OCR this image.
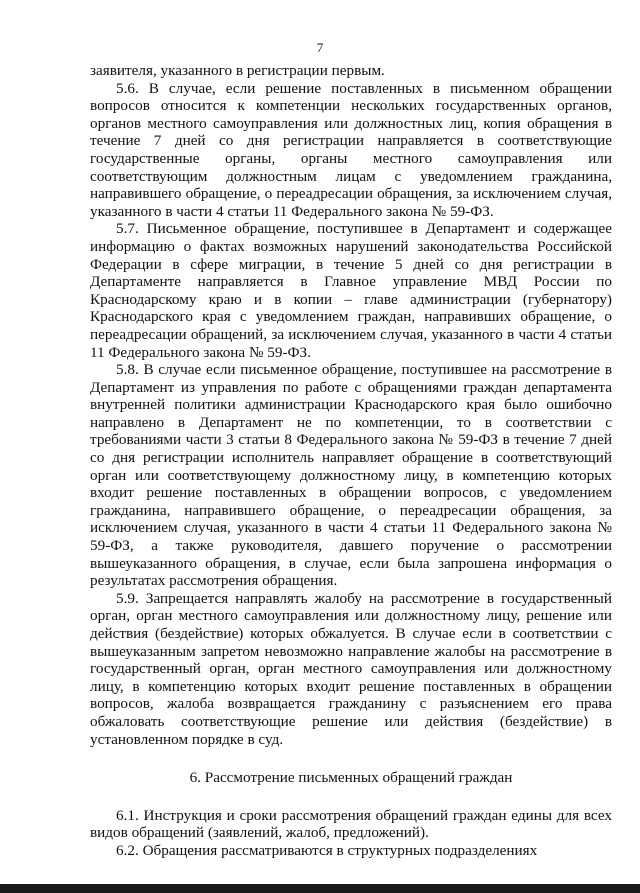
7

заявителя, указанного в регистрации первым.

5.6. В случае, если решение поставленных в письменном обращении вопросов относится к компетенции нескольких государственных органов, органов местного самоуправления или должностных лиц, копия обращения в течение 7 дней со дня регистрации направляется в соответствующие государственные органы, органы местного самоуправления или соответствующим должностным лицам с уведомлением гражданина, направившего обращение, о переадресации обращения, за исключением случая, указанного в части 4 статьи 11 Федерального закона № 59-ФЗ.

5.7. Письменное обращение, поступившее в Департамент и содержащее информацию о фактах возможных нарушений законодательства Российской Федерации в сфере миграции, в течение 5 дней со дня регистрации в Департаменте направляется в Главное управление МВД России по Краснодарскому краю и в копии – главе администрации (губернатору) Краснодарского края с уведомлением граждан, направивших обращение, о переадресации обращений, за исключением случая, указанного в части 4 статьи 11 Федерального закона № 59-ФЗ.

5.8. В случае если письменное обращение, поступившее на рассмотрение в Департамент из управления по работе с обращениями граждан департамента внутренней политики администрации Краснодарского края было ошибочно направлено в Департамент не по компетенции, то в соответствии с требованиями части 3 статьи 8 Федерального закона № 59-ФЗ в течение 7 дней со дня регистрации исполнитель направляет обращение в соответствующий орган или соответствующему должностному лицу, в компетенцию которых входит решение поставленных в обращении вопросов, с уведомлением гражданина, направившего обращение, о переадресации обращения, за исключением случая, указанного в части 4 статьи 11 Федерального закона № 59-ФЗ, а также руководителя, давшего поручение о рассмотрении вышеуказанного обращения, в случае, если была запрошена информация о результатах рассмотрения обращения.

5.9. Запрещается направлять жалобу на рассмотрение в государственный орган, орган местного самоуправления или должностному лицу, решение или действия (бездействие) которых обжалуется. В случае если в соответствии с вышеуказанным запретом невозможно направление жалобы на рассмотрение в государственный орган, орган местного самоуправления или должностному лицу, в компетенцию которых входит решение поставленных в обращении вопросов, жалоба возвращается гражданину с разъяснением его права обжаловать соответствующие решение или действия (бездействие) в установленном порядке в суд.

6. Рассмотрение письменных обращений граждан

6.1. Инструкция и сроки рассмотрения обращений граждан едины для всех видов обращений (заявлений, жалоб, предложений).

6.2. Обращения рассматриваются в структурных подразделениях
